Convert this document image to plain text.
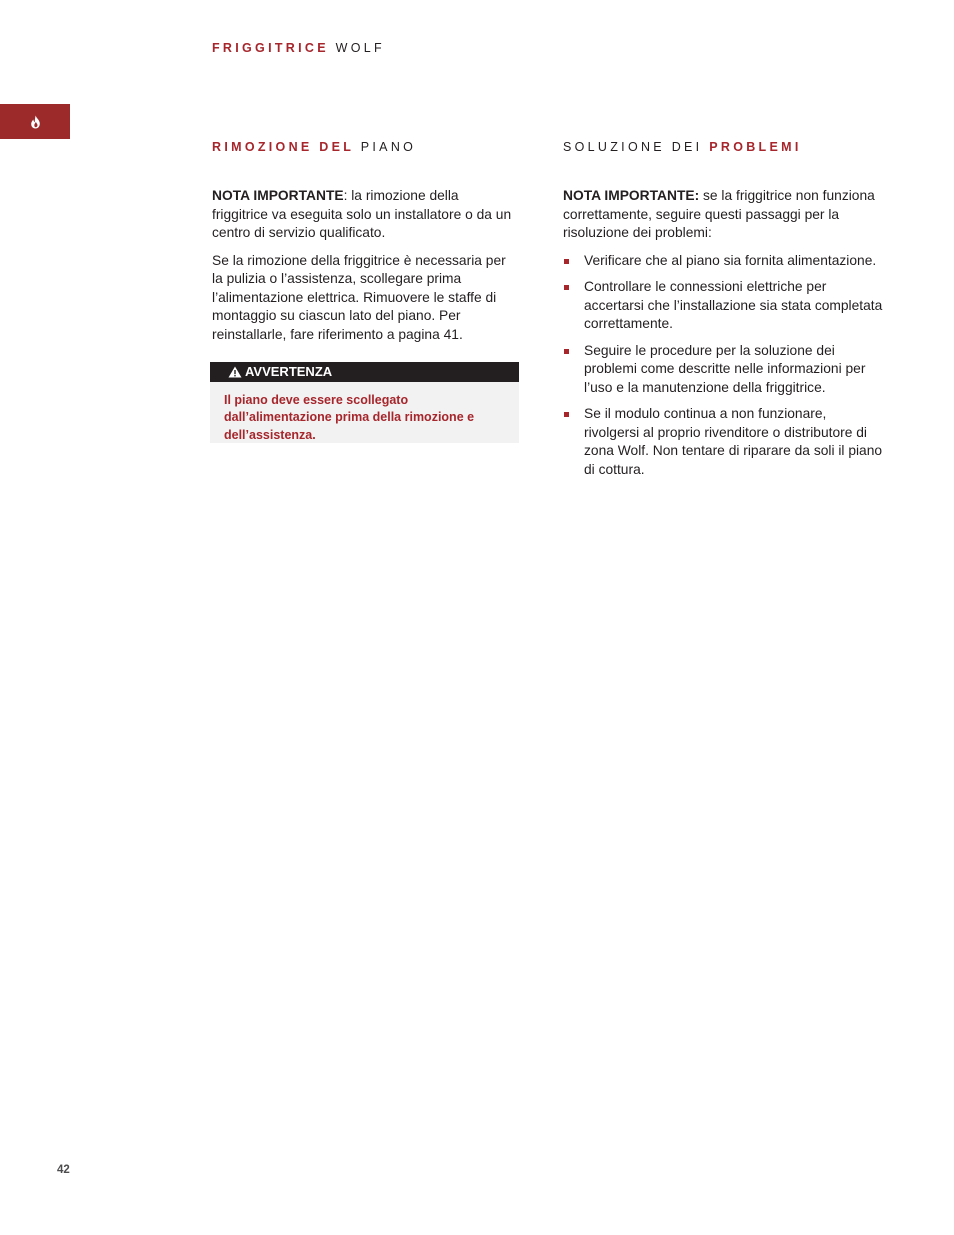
FRIGGITRICE WOLF
RIMOZIONE DEL PIANO

NOTA IMPORTANTE: la rimozione della friggitrice va eseguita solo un installatore o da un centro di servizio qualificato.

Se la rimozione della friggitrice è necessaria per la pulizia o l’assistenza, scollegare prima l’alimentazione elettrica. Rimuovere le staffe di montaggio su ciascun lato del piano. Per reinstallarle, fare riferimento a pagina 41.

AVVERTENZA
Il piano deve essere scollegato dall’alimentazione prima della rimozione e dell’assistenza.
SOLUZIONE DEI PROBLEMI

NOTA IMPORTANTE: se la friggitrice non funziona correttamente, seguire questi passaggi per la risoluzione dei problemi:

Verificare che al piano sia fornita alimentazione.
Controllare le connessioni elettriche per accertarsi che l’installazione sia stata completata correttamente.
Seguire le procedure per la soluzione dei problemi come descritte nelle informazioni per l’uso e la manutenzione della friggitrice.
Se il modulo continua a non funzionare, rivolgersi al proprio rivenditore o distributore di zona Wolf. Non tentare di riparare da soli il piano di cottura.
42
